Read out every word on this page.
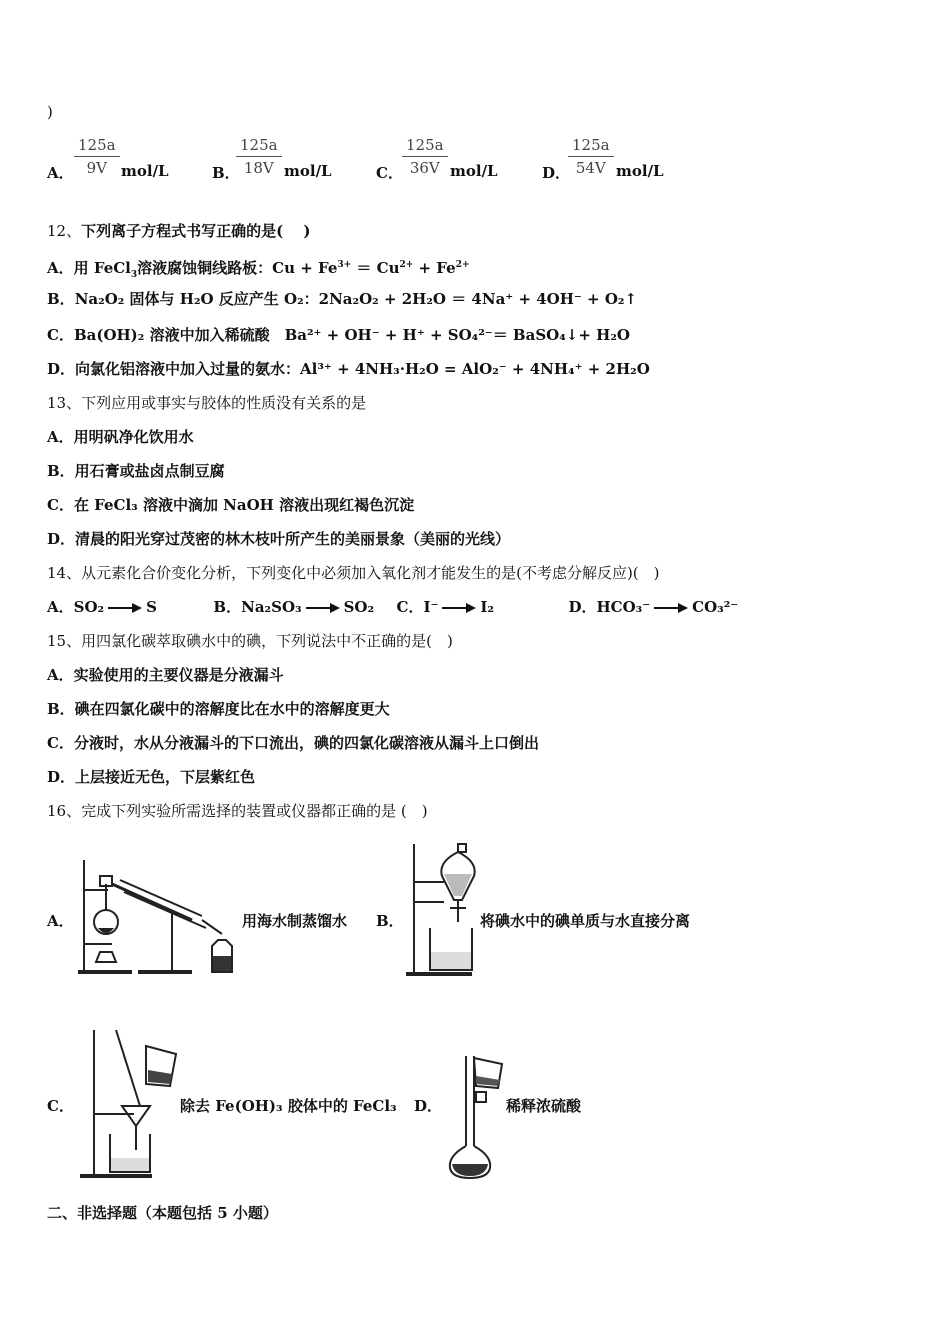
)
A． $\frac{125a}{9V} mol/L$	B．
$\frac{125a}{18V} mol/L$	C． $\frac{125a}{36V} mol/L$	D．
$\frac{125a}{54V} mol/L$
12、下列离子方程式书写正确的是(　 )
A．用 FeCl$_3$溶液腐蚀铜线路板：$Cu + Fe^{3+} = Cu^{2+} + Fe^{2+}$
B．Na₂O₂ 固体与 H₂O 反应产生 O₂：2Na₂O₂ + 2H₂O ＝ 4Na⁺ + 4OH⁻ + O₂↑
C．Ba(OH)₂ 溶液中加入稀硫酸　Ba²⁺ + OH⁻ + H⁺ + SO₄²⁻＝ BaSO₄↓+ H₂O
D．向氯化铝溶液中加入过量的氨水：Al³⁺ + 4NH₃·H₂O = AlO₂⁻ + 4NH₄⁺ + 2H₂O
13、下列应用或事实与胶体的性质没有关系的是
A．用明矾净化饮用水
B．用石膏或盐卤点制豆腐
C．在 FeCl₃ 溶液中滴加 NaOH 溶液出现红褐色沉淀
D．清晨的阳光穿过茂密的林木枝叶所产生的美丽景象（美丽的光线）
14、从元素化合价变化分析，下列变化中必须加入氧化剂才能发生的是(不考虑分解反应)(　)
A．SO₂	S	B．Na₂SO₃	SO₂ C．I⁻	I₂	D．HCO₃⁻	CO₃²⁻
15、用四氯化碳萃取碘水中的碘，下列说法中不正确的是(　)
A．实验使用的主要仪器是分液漏斗
B．碘在四氯化碳中的溶解度比在水中的溶解度更大
C．分液时，水从分液漏斗的下口流出，碘的四氯化碳溶液从漏斗上口倒出
D．上层接近无色，下层紫红色
16、完成下列实验所需选择的装置或仪器都正确的是 (　)
A．	用海水制蒸馏水 B．	将碘水中的碘单质与水直接分离
C．	除去 Fe(OH)₃ 胶体中的 FeCl₃ D．	稀释浓硫酸
二、非选择题（本题包括 5 小题）
